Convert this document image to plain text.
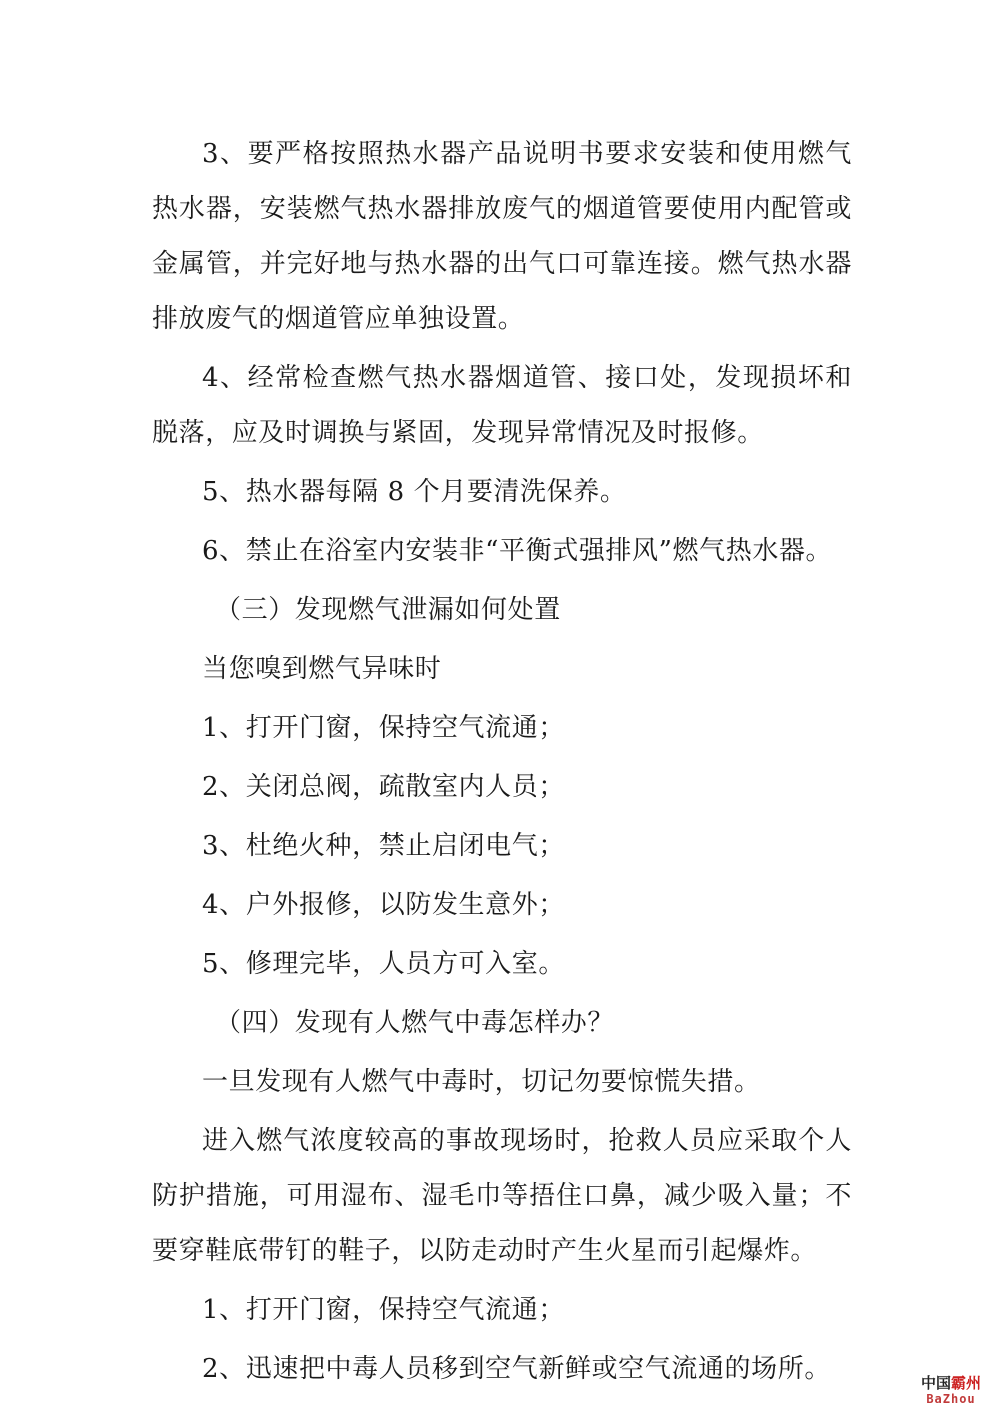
3、要严格按照热水器产品说明书要求安装和使用燃气热水器，安装燃气热水器排放废气的烟道管要使用内配管或金属管，并完好地与热水器的出气口可靠连接。燃气热水器排放废气的烟道管应单独设置。

4、经常检查燃气热水器烟道管、接口处，发现损坏和脱落，应及时调换与紧固，发现异常情况及时报修。

5、热水器每隔 8 个月要清洗保养。

6、禁止在浴室内安装非“平衡式强排风”燃气热水器。

（三）发现燃气泄漏如何处置

当您嗅到燃气异味时

1、打开门窗，保持空气流通；

2、关闭总阀，疏散室内人员；

3、杜绝火种，禁止启闭电气；

4、户外报修，以防发生意外；

5、修理完毕，人员方可入室。

（四）发现有人燃气中毒怎样办？

一旦发现有人燃气中毒时，切记勿要惊慌失措。

进入燃气浓度较高的事故现场时，抢救人员应采取个人防护措施，可用湿布、湿毛巾等捂住口鼻，减少吸入量；不要穿鞋底带钉的鞋子，以防走动时产生火星而引起爆炸。

1、打开门窗，保持空气流通；

2、迅速把中毒人员移到空气新鲜或空气流通的场所。	中国霸州
BaZhou
